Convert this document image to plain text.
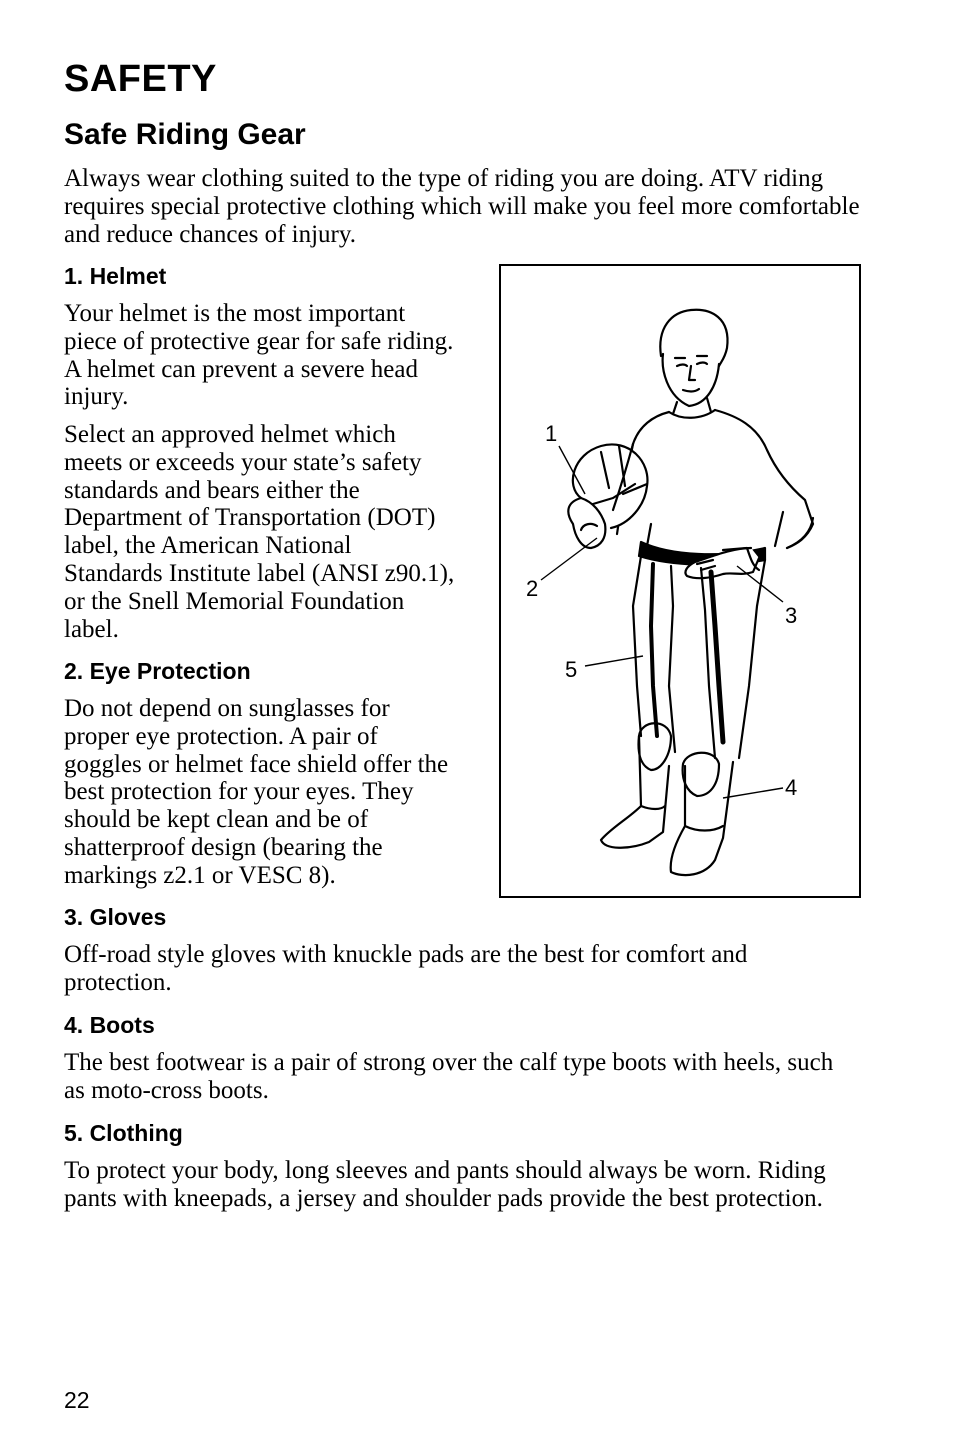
SAFETY
Safe Riding Gear

Always wear clothing suited to the type of riding you are doing. ATV riding requires special protective clothing which will make you feel more comfortable and reduce chances of injury.

1. Helmet

Your helmet is the most important piece of protective gear for safe riding. A helmet can prevent a severe head injury.

Select an approved helmet which meets or exceeds your state’s safety standards and bears either the Department of Transportation (DOT) label, the American National Standards Institute label (ANSI z90.1), or the Snell Memorial Foundation label.

2. Eye Protection

Do not depend on sunglasses for proper eye protection. A pair of goggles or helmet face shield offer the best protection for your eyes. They should be kept clean and be of shatterproof design (bearing the markings z2.1 or VESC 8).

1
2
3
4
5
3. Gloves

Off-road style gloves with knuckle pads are the best for comfort and protection.

4. Boots

The best footwear is a pair of strong over the calf type boots with heels, such as moto-cross boots.

5. Clothing

To protect your body, long sleeves and pants should always be worn. Riding pants with kneepads, a jersey and shoulder pads provide the best protection.

22
